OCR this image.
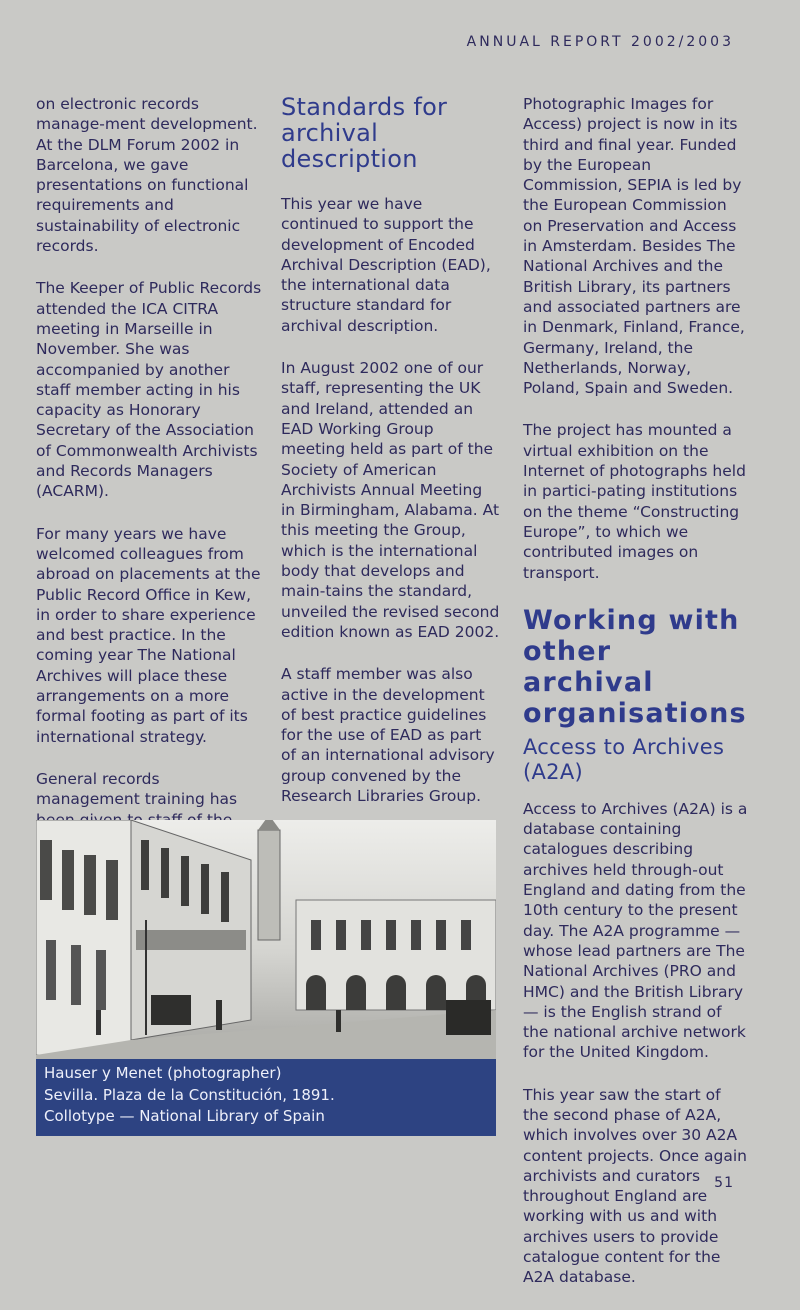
ANNUAL REPORT 2002/2003

on electronic records manage-ment development. At the DLM Forum 2002 in Barcelona, we gave presentations on functional requirements and sustainability of electronic records.

The Keeper of Public Records attended the ICA CITRA meeting in Marseille in November. She was accompanied by another staff member acting in his capacity as Honorary Secretary of the Association of Commonwealth Archivists and Records Managers (ACARM).

For many years we have welcomed colleagues from abroad on placements at the Public Record Office in Kew, in order to share experience and best practice. In the coming year The National Archives will place these arrangements on a more formal footing as part of its international strategy.

General records management training has

Standards for archival description

This year we have continued to support the development of Encoded Archival Description (EAD), the international data structure standard for archival description.

In August 2002 one of our staff, representing the UK and Ireland, attended an EAD Working Group meeting held as part of the Society of American Archivists Annual Meeting in Birmingham, Alabama. At this meeting the Group, which is the international body that develops and main-tains the standard, unveiled the revised second edition known as EAD 2002.

A staff member was also active in the development of best practice guidelines for the use of EAD as part of an international advisory group convened by the Research Libraries Group.

Photographic Images for Access) project is now in its third and final year. Funded by the European Commission, SEPIA is led by the European Commission on Preservation and Access in Amsterdam. Besides The National Archives and the British Library, its partners and associated partners are in Denmark, Finland, France, Germany, Ireland, the Netherlands, Norway, Poland, Spain and Sweden.

The project has mounted a virtual exhibition on the Internet of photographs held in partici-pating institutions on the theme “Constructing Europe”, to which we contributed images on transport.

Working with other archival organisations
Access to Archives (A2A)

Access to Archives (A2A) is a database containing catalogues describing archives held through-out England and dating from the 10th century to the present day. The A2A programme — whose lead partners are The National Archives (PRO and HMC) and the British Library — is the English strand of the national archive network for the United Kingdom.

This year saw the start of the second phase of A2A, which involves over 30 A2A content projects. Once again archivists and curators throughout England are working with us and with archives users to provide catalogue content for the A2A database.

Hauser y Menet (photographer)
Sevilla. Plaza de la Constitución, 1891.
Collotype — National Library of Spain
51
